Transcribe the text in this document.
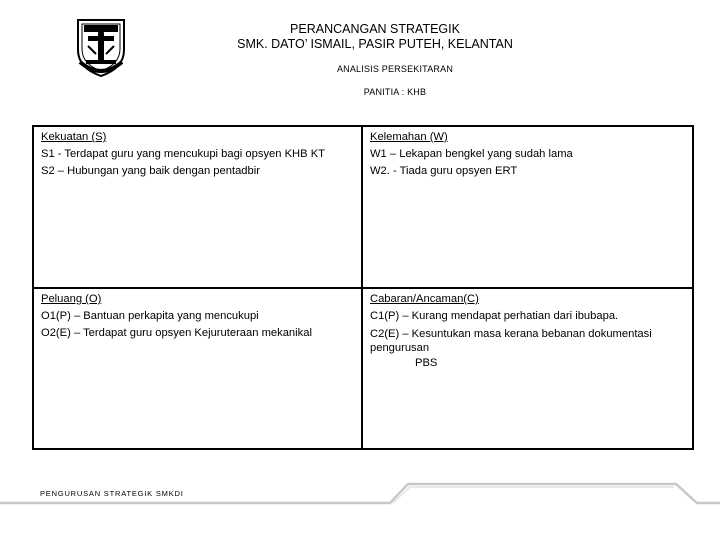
PERANCANGAN STRATEGIK
SMK. DATO’ ISMAIL, PASIR PUTEH, KELANTAN
ANALISIS PERSEKITARAN
PANITIA : KHB
Kekuatan (S)
S1 - Terdapat guru yang mencukupi bagi opsyen KHB KT
S2 – Hubungan yang baik dengan pentadbir
Kelemahan (W)
W1 – Lekapan bengkel yang sudah lama
W2. - Tiada guru opsyen ERT
Peluang (O)
O1(P) – Bantuan perkapita yang mencukupi
O2(E) – Terdapat guru opsyen Kejuruteraan mekanikal
Cabaran/Ancaman(C)
C1(P) – Kurang mendapat perhatian dari ibubapa.
C2(E) – Kesuntukan masa kerana bebanan dokumentasi pengurusan
PBS
PENGURUSAN STRATEGIK SMKDI
